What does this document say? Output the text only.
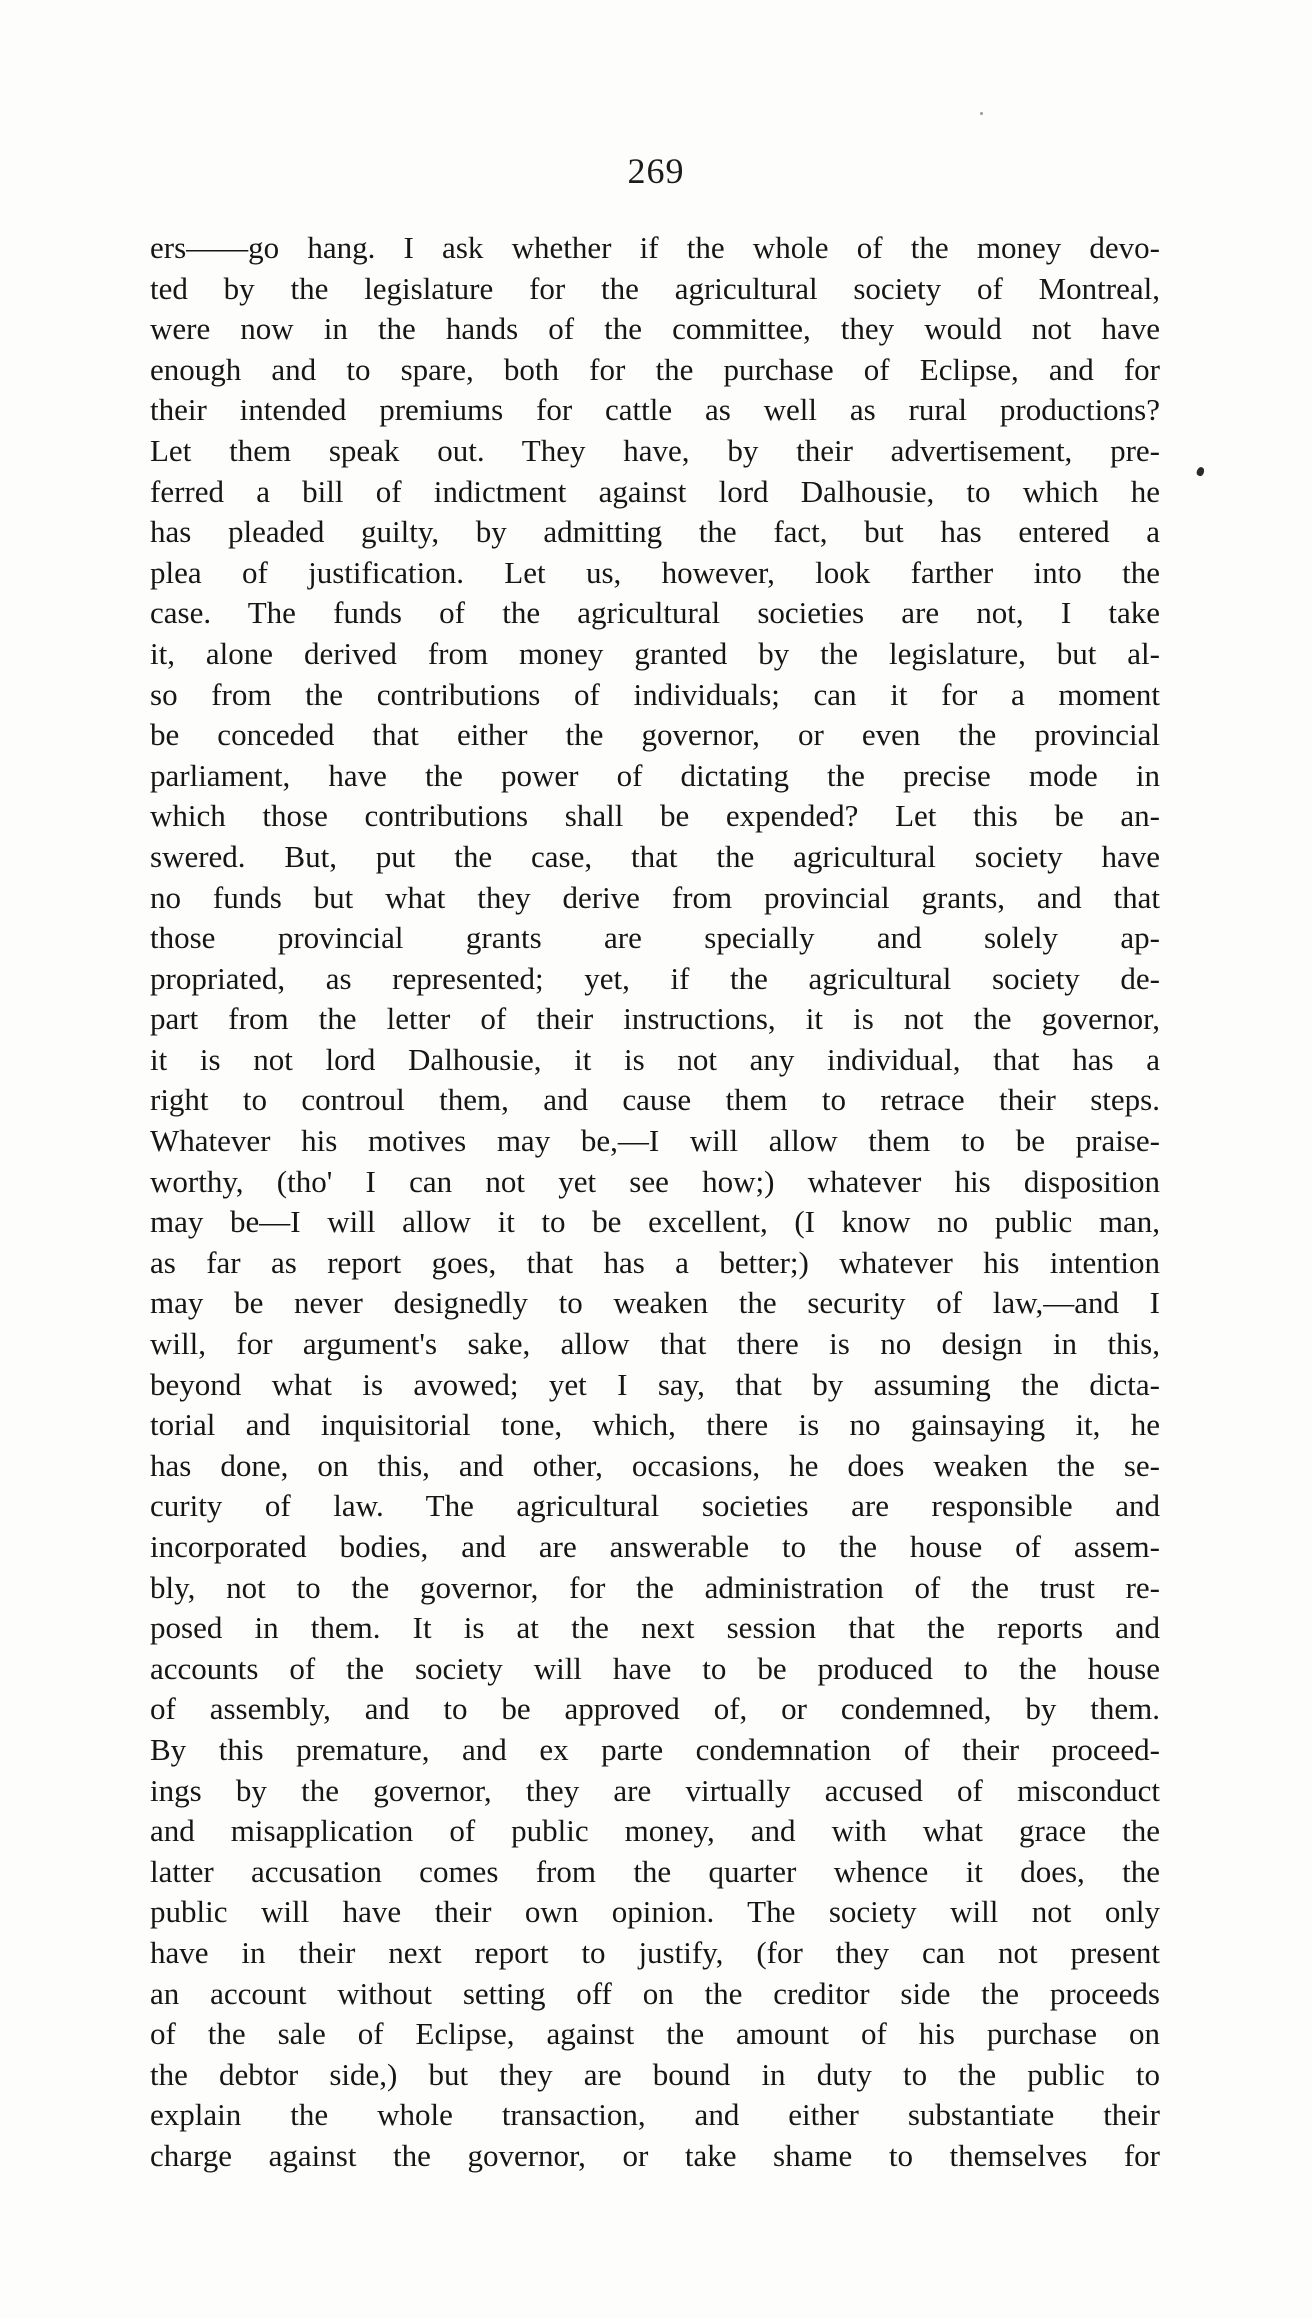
269
ers——go hang. I ask whether if the whole of the money devo-
ted by the legislature for the agricultural society of Montreal,
were now in the hands of the committee, they would not have
enough and to spare, both for the purchase of Eclipse, and for
their intended premiums for cattle as well as rural productions?
Let them speak out. They have, by their advertisement, pre-
ferred a bill of indictment against lord Dalhousie, to which he
has pleaded guilty, by admitting the fact, but has entered a
plea of justification. Let us, however, look farther into the
case. The funds of the agricultural societies are not, I take
it, alone derived from money granted by the legislature, but al-
so from the contributions of individuals; can it for a moment
be conceded that either the governor, or even the provincial
parliament, have the power of dictating the precise mode in
which those contributions shall be expended? Let this be an-
swered. But, put the case, that the agricultural society have
no funds but what they derive from provincial grants, and that
those provincial grants are specially and solely ap-
propriated, as represented; yet, if the agricultural society de-
part from the letter of their instructions, it is not the governor,
it is not lord Dalhousie, it is not any individual, that has a
right to controul them, and cause them to retrace their steps.
Whatever his motives may be,—I will allow them to be praise-
worthy, (tho' I can not yet see how;) whatever his disposition
may be—I will allow it to be excellent, (I know no public man,
as far as report goes, that has a better;) whatever his intention
may be never designedly to weaken the security of law,—and I
will, for argument's sake, allow that there is no design in this,
beyond what is avowed; yet I say, that by assuming the dicta-
torial and inquisitorial tone, which, there is no gainsaying it, he
has done, on this, and other, occasions, he does weaken the se-
curity of law. The agricultural societies are responsible and
incorporated bodies, and are answerable to the house of assem-
bly, not to the governor, for the administration of the trust re-
posed in them. It is at the next session that the reports and
accounts of the society will have to be produced to the house
of assembly, and to be approved of, or condemned, by them.
By this premature, and ex parte condemnation of their proceed-
ings by the governor, they are virtually accused of misconduct
and misapplication of public money, and with what grace the
latter accusation comes from the quarter whence it does, the
public will have their own opinion. The society will not only
have in their next report to justify, (for they can not present
an account without setting off on the creditor side the proceeds
of the sale of Eclipse, against the amount of his purchase on
the debtor side,) but they are bound in duty to the public to
explain the whole transaction, and either substantiate their
charge against the governor, or take shame to themselves for
